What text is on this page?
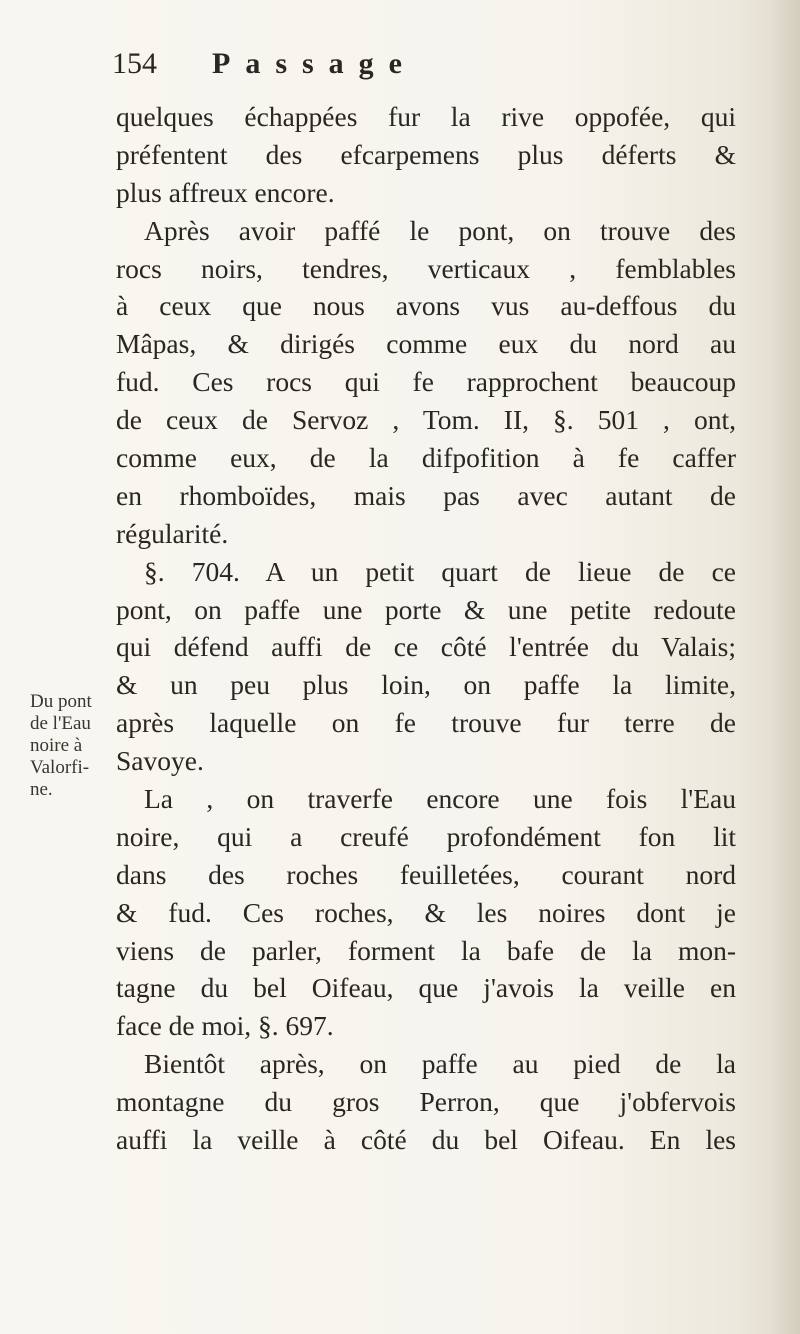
154 Passage
Du pont
de l'Eau
noire à
Valorfi-
ne.
quelques échappées fur la rive oppofée, qui
préfentent des efcarpemens plus déferts &
plus affreux encore.
Après avoir paffé le pont, on trouve des
rocs noirs, tendres, verticaux , femblables
à ceux que nous avons vus au-deffous du
Mâpas, & dirigés comme eux du nord au
fud. Ces rocs qui fe rapprochent beaucoup
de ceux de Servoz , Tom. II, §. 501 , ont,
comme eux, de la difpofition à fe caffer
en rhomboïdes, mais pas avec autant de
régularité.
§. 704. A un petit quart de lieue de ce
pont, on paffe une porte & une petite redoute
qui défend auffi de ce côté l'entrée du Valais;
& un peu plus loin, on paffe la limite,
après laquelle on fe trouve fur terre de
Savoye.
La , on traverfe encore une fois l'Eau
noire, qui a creufé profondément fon lit
dans des roches feuilletées, courant nord
& fud. Ces roches, & les noires dont je
viens de parler, forment la bafe de la mon-
tagne du bel Oifeau, que j'avois la veille en
face de moi, §. 697.
Bientôt après, on paffe au pied de la
montagne du gros Perron, que j'obfervois
auffi la veille à côté du bel Oifeau. En les
